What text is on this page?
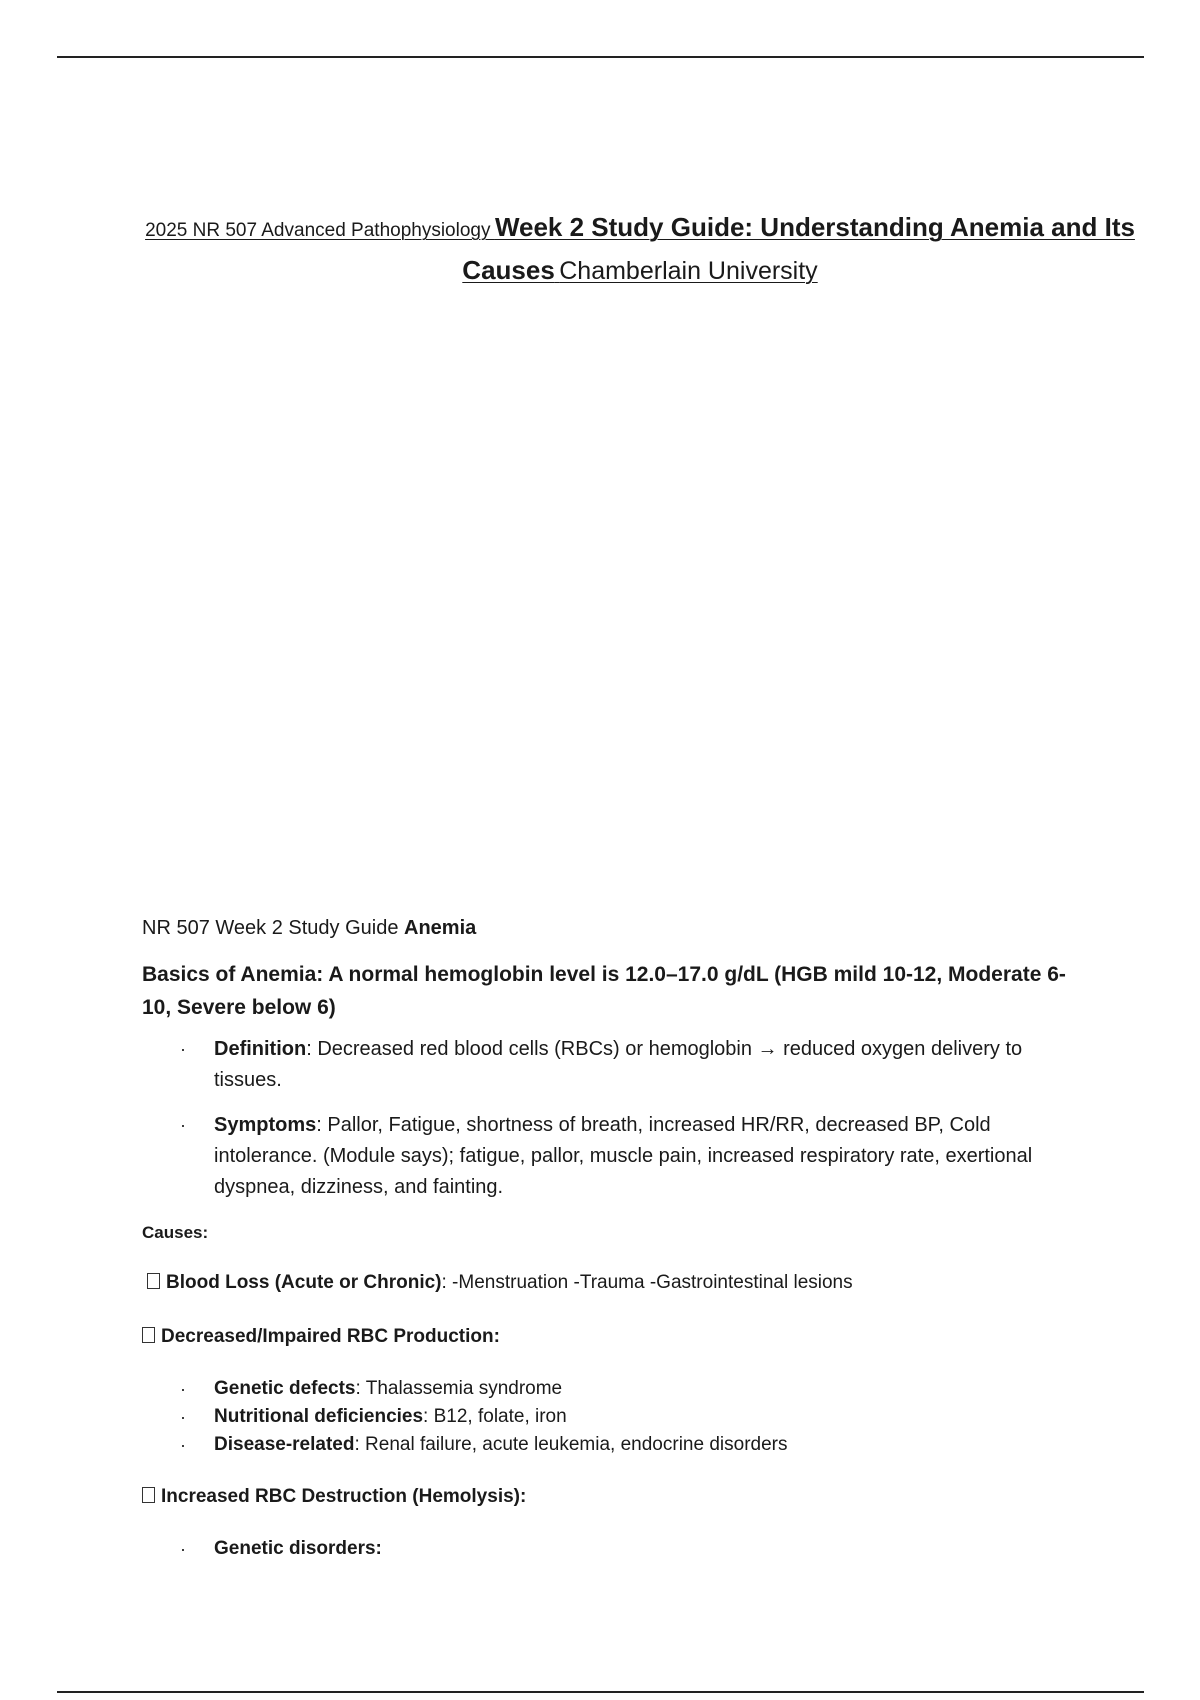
2025 NR 507 Advanced Pathophysiology Week 2 Study Guide: Understanding Anemia and Its Causes Chamberlain University

NR 507 Week 2 Study Guide Anemia

Basics of Anemia: A normal hemoglobin level is 12.0–17.0 g/dL (HGB mild 10-12, Moderate 6-10, Severe below 6)

· Definition: Decreased red blood cells (RBCs) or hemoglobin → reduced oxygen delivery to tissues.
· Symptoms: Pallor, Fatigue, shortness of breath, increased HR/RR, decreased BP, Cold intolerance. (Module says); fatigue, pallor, muscle pain, increased respiratory rate, exertional dyspnea, dizziness, and fainting.

Causes:

Blood Loss (Acute or Chronic): -Menstruation -Trauma -Gastrointestinal lesions

Decreased/Impaired RBC Production:

· Genetic defects: Thalassemia syndrome
· Nutritional deficiencies: B12, folate, iron
· Disease-related: Renal failure, acute leukemia, endocrine disorders

Increased RBC Destruction (Hemolysis):

· Genetic disorders:
